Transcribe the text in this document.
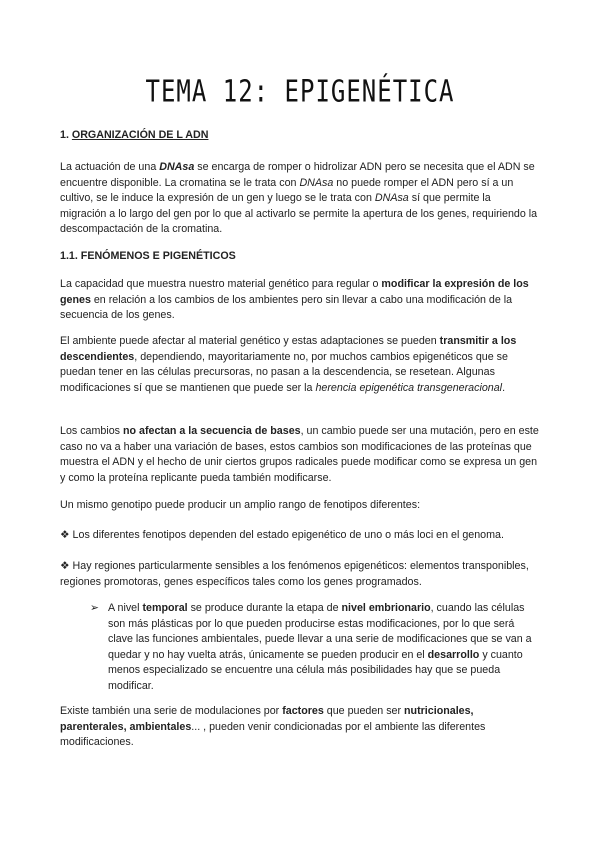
TEMA 12: EPIGENÉTICA
1. ORGANIZACIÓN DE L ADN

La actuación de una DNAsa se encarga de romper o hidrolizar ADN pero se necesita que el ADN se encuentre disponible. La cromatina se le trata con DNAsa no puede romper el ADN pero sí a un cultivo, se le induce la expresión de un gen y luego se le trata con DNAsa sí que permite la migración a lo largo del gen por lo que al activarlo se permite la apertura de los genes, requiriendo la descompactación de la cromatina.

1.1. FENÓMENOS E PIGENÉTICOS

La capacidad que muestra nuestro material genético para regular o modificar la expresión de los genes en relación a los cambios de los ambientes pero sin llevar a cabo una modificación de la secuencia de los genes.

El ambiente puede afectar al material genético y estas adaptaciones se pueden transmitir a los descendientes, dependiendo, mayoritariamente no, por muchos cambios epigenéticos que se puedan tener en las células precursoras, no pasan a la descendencia, se resetean. Algunas modificaciones sí que se mantienen que puede ser la herencia epigenética transgeneracional.

Los cambios no afectan a la secuencia de bases, un cambio puede ser una mutación, pero en este caso no va a haber una variación de bases, estos cambios son modificaciones de las proteínas que muestra el ADN y el hecho de unir ciertos grupos radicales puede modificar como se expresa un gen y como la proteína replicante pueda también modificarse.

Un mismo genotipo puede producir un amplio rango de fenotipos diferentes:

❖ Los diferentes fenotipos dependen del estado epigenético de uno o más loci en el genoma.
❖ Hay regiones particularmente sensibles a los fenómenos epigenéticos: elementos transponibles, regiones promotoras, genes específicos tales como los genes programados.
➢ A nivel temporal se produce durante la etapa de nivel embrionario, cuando las células son más plásticas por lo que pueden producirse estas modificaciones, por lo que será clave las funciones ambientales, puede llevar a una serie de modificaciones que se van a quedar y no hay vuelta atrás, únicamente se pueden producir en el desarrollo y cuanto menos especializado se encuentre una célula más posibilidades hay que se pueda modificar.

Existe también una serie de modulaciones por factores que pueden ser nutricionales, parenterales, ambientales... , pueden venir condicionadas por el ambiente las diferentes modificaciones.
